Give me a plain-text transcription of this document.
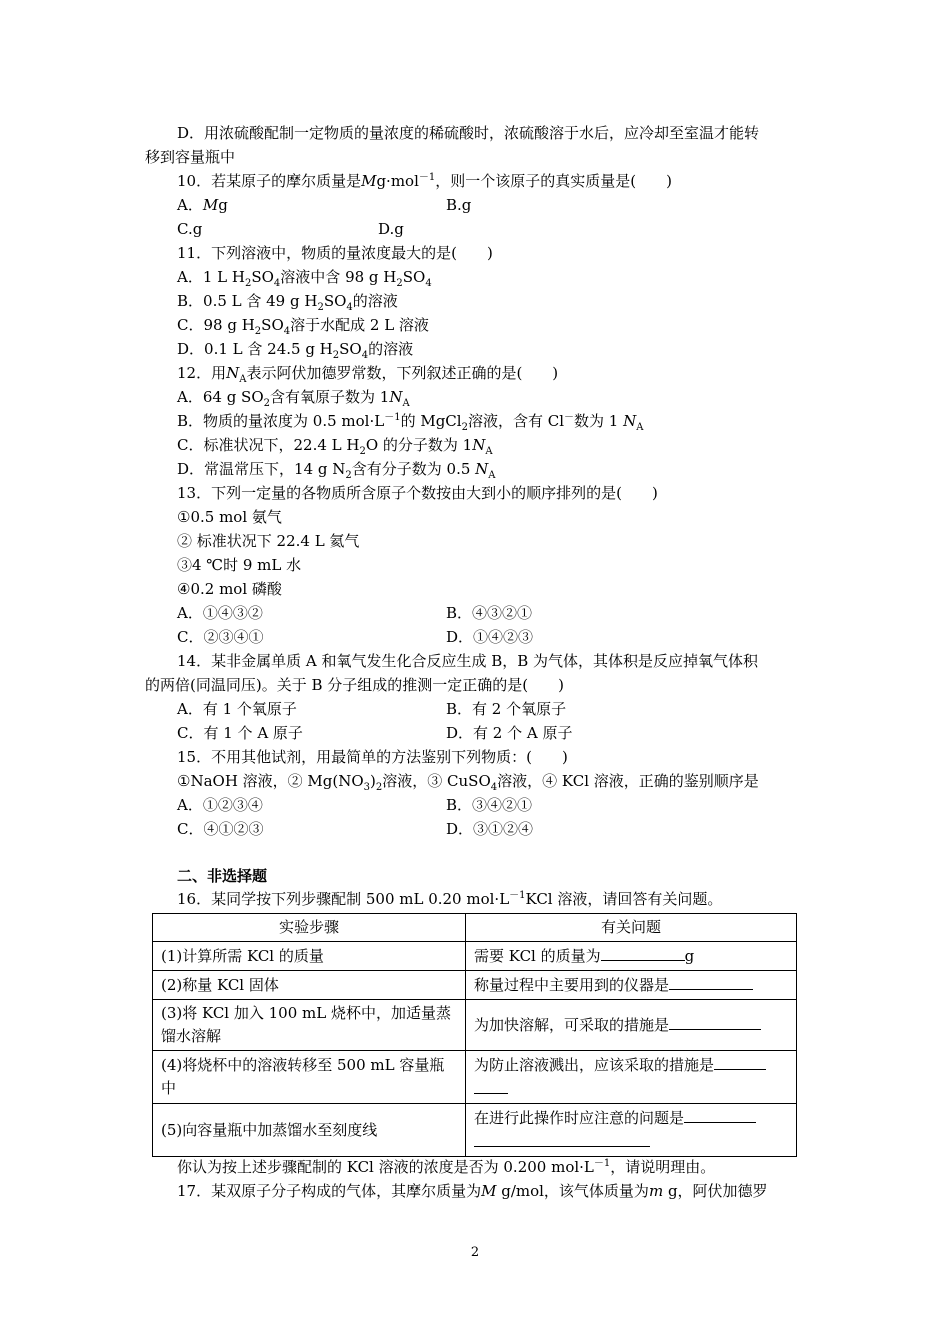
D．用浓硫酸配制一定物质的量浓度的稀硫酸时，浓硫酸溶于水后，应冷却至室温才能转
移到容量瓶中
10．若某原子的摩尔质量是Mg·mol$^{-1}$，则一个该原子的真实质量是(　　)
A．Mg	B.g
C.g	D.g
11．下列溶液中，物质的量浓度最大的是(　　)
A．1 L $H_2SO_4$溶液中含 98 g $H_2SO_4$
B．0.5 L 含 49 g $H_2SO_4$的溶液
C．98 g $H_2SO_4$溶于水配成 2 L 溶液
D．0.1 L 含 24.5 g $H_2SO_4$的溶液
12．用$N_A$表示阿伏加德罗常数，下列叙述正确的是(　　)
A．64 g $SO_2$含有氧原子数为 $1N_A$
B．物质的量浓度为 0.5 $mol\cdot L^{-1}$的 MgCl$_2$溶液，含有 Cl－数为 1 $N_A$
C．标准状况下，22.4 L $H_2O$ 的分子数为 $1N_A$
D．常温常压下，14 g $N_2$含有分子数为 0.5 $N_A$
13．下列一定量的各物质所含原子个数按由大到小的顺序排列的是(　　)
①0.5 mol 氨气
② 标准状况下 22.4 L 氦气
③4 ℃时 9 mL 水
④0.2 mol 磷酸
A．①④③②	B．④③②①
C．②③④①	D．①④②③
14．某非金属单质 A 和氧气发生化合反应生成 B，B 为气体，其体积是反应掉氧气体积
的两倍(同温同压)。关于 B 分子组成的推测一定正确的是(　　)
A．有 1 个氧原子	B．有 2 个氧原子
C．有 1 个 A 原子	D．有 2 个 A 原子
15．不用其他试剂，用最简单的方法鉴别下列物质：(　　)
①NaOH 溶液，② $Mg(NO_3)_2$溶液，③ CuSO$_4$溶液，④ KCl 溶液，正确的鉴别顺序是
A．①②③④	B．③④②①
C．④①②③	D．③①②④
二、非选择题
16．某同学按下列步骤配制 500 mL 0.20 $mol\cdot L^{-1}KCl$ 溶液，请回答有关问题。
实验步骤	有关问题
(1)计算所需 KCl 的质量	需要 KCl 的质量为 g
(2)称量 KCl 固体	称量过程中主要用到的仪器是
(3)将 KCl 加入 100 mL 烧杯中，加适量蒸馏水溶解	为加快溶解，可采取的措施是
(4)将烧杯中的溶液转移至 500 mL 容量瓶中	为防止溶液溅出，应该采取的措施是

(5)向容量瓶中加蒸馏水至刻度线	在进行此操作时应注意的问题是

你认为按上述步骤配制的 KCl 溶液的浓度是否为 0.200 $mol\cdot L^{-1}$，请说明理由。
17．某双原子分子构成的气体，其摩尔质量为M g/mol，该气体质量为m g，阿伏加德罗
2
